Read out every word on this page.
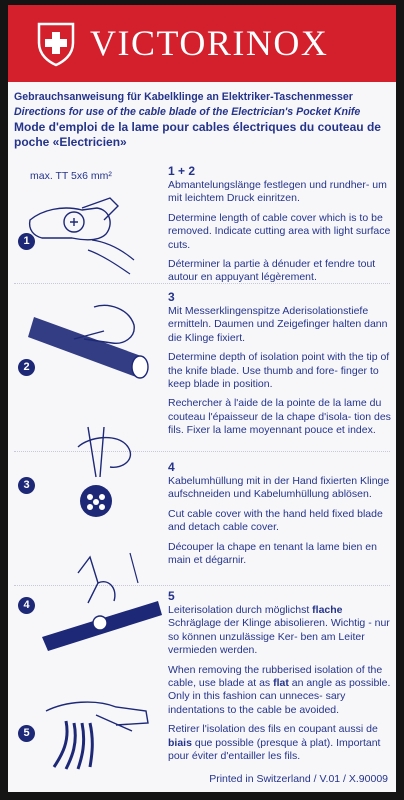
VICTORINOX
Gebrauchsanweisung für Kabelklinge an Elektriker-Taschenmesser
Directions for use of the cable blade of the Electrician's Pocket Knife
Mode d'emploi de la lame pour cables électriques du couteau de poche «Electricien»
max. TT 5x6 mm²
1
1 + 2

Abmantelungslänge festlegen und rundher- um mit leichtem Druck einritzen.

Determine length of cable cover which is to be removed. Indicate cutting area with light surface cuts.

Déterminer la partie à dénuder et fendre tout autour en appuyant légèrement.

2
3

Mit Messerklingenspitze Aderisolationstiefe ermitteln. Daumen und Zeigefinger halten dann die Klinge fixiert.

Determine depth of isolation point with the tip of the knife blade. Use thumb and fore- finger to keep blade in position.

Rechercher à l'aide de la pointe de la lame du couteau l'épaisseur de la chape d'isola- tion des fils. Fixer la lame moyennant pouce et index.

3
4

Kabelumhüllung mit in der Hand fixierten Klinge aufschneiden und Kabelumhüllung ablösen.

Cut cable cover with the hand held fixed blade and detach cable cover.

Découper la chape en tenant la lame bien en main et dégarnir.

4
5

Leiterisolation durch möglichst flache Schräglage der Klinge abisolieren. Wichtig - nur so können unzulässige Ker- ben am Leiter vermieden werden.

When removing the rubberised isolation of the cable, use blade at as flat an angle as possible. Only in this fashion can unneces- sary indentations to the cable be avoided.

Retirer l'isolation des fils en coupant aussi de biais que possible (presque à plat). Important pour éviter d'entailler les fils.

5
Printed in Switzerland / V.01 / X.90009
